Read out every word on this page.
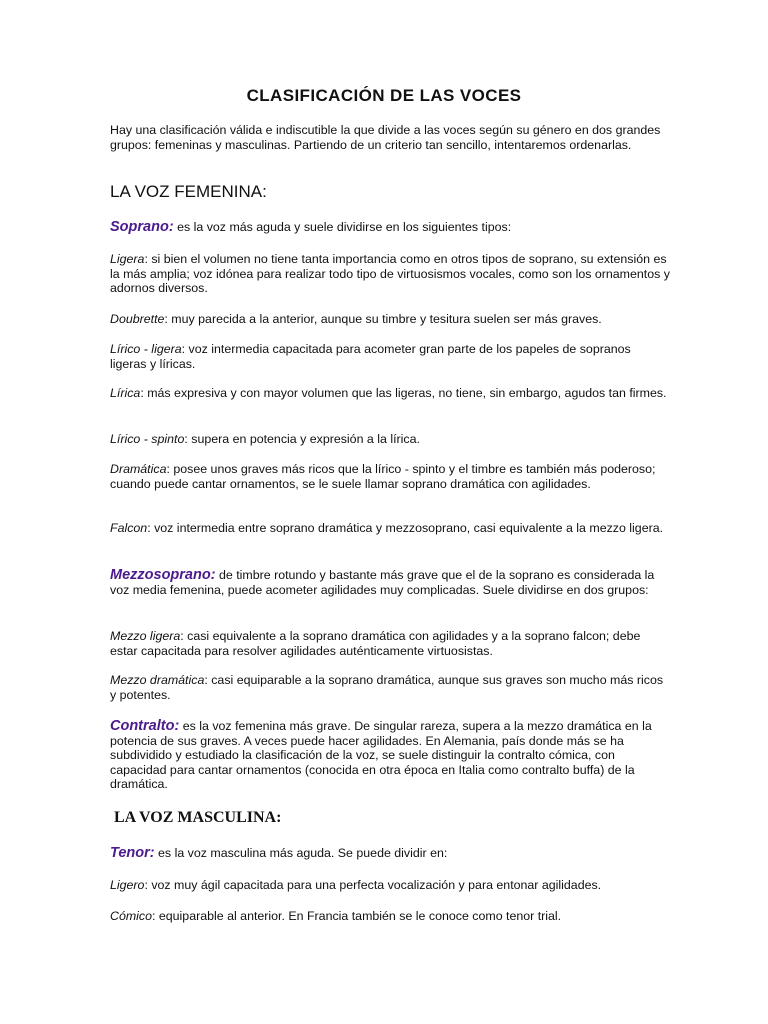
CLASIFICACIÓN DE LAS VOCES

Hay una clasificación válida e indiscutible la que divide a las voces según su género en dos grandes grupos: femeninas y masculinas. Partiendo de un criterio tan sencillo, intentaremos ordenarlas.

LA VOZ FEMENINA:

Soprano: es la voz más aguda y suele dividirse en los siguientes tipos:

Ligera: si bien el volumen no tiene tanta importancia como en otros tipos de soprano, su extensión es la más amplia; voz idónea para realizar todo tipo de virtuosismos vocales, como son los ornamentos y adornos diversos.

Doubrette: muy parecida a la anterior, aunque su timbre y tesitura suelen ser más graves.

Lírico - ligera: voz intermedia capacitada para acometer gran parte de los papeles de sopranos ligeras y líricas.

Lírica: más expresiva y con mayor volumen que las ligeras, no tiene, sin embargo, agudos tan firmes.

Lírico - spinto: supera en potencia y expresión a la lírica.

Dramática: posee unos graves más ricos que la lírico - spinto y el timbre es también más poderoso; cuando puede cantar ornamentos, se le suele llamar soprano dramática con agilidades.

Falcon: voz intermedia entre soprano dramática y mezzosoprano, casi equivalente a la mezzo ligera.

Mezzosoprano: de timbre rotundo y bastante más grave que el de la soprano es considerada la voz media femenina, puede acometer agilidades muy complicadas. Suele dividirse en dos grupos:

Mezzo ligera: casi equivalente a la soprano dramática con agilidades y a la soprano falcon; debe estar capacitada para resolver agilidades auténticamente virtuosistas.

Mezzo dramática: casi equiparable a la soprano dramática, aunque sus graves son mucho más ricos y potentes.

Contralto: es la voz femenina más grave. De singular rareza, supera a la mezzo dramática en la potencia de sus graves. A veces puede hacer agilidades. En Alemania, país donde más se ha subdividido y estudiado la clasificación de la voz, se suele distinguir la contralto cómica, con capacidad para cantar ornamentos (conocida en otra época en Italia como contralto buffa) de la dramática.

LA VOZ MASCULINA:

Tenor: es la voz masculina más aguda. Se puede dividir en:

Ligero: voz muy ágil capacitada para una perfecta vocalización y para entonar agilidades.

Cómico: equiparable al anterior. En Francia también se le conoce como tenor trial.
